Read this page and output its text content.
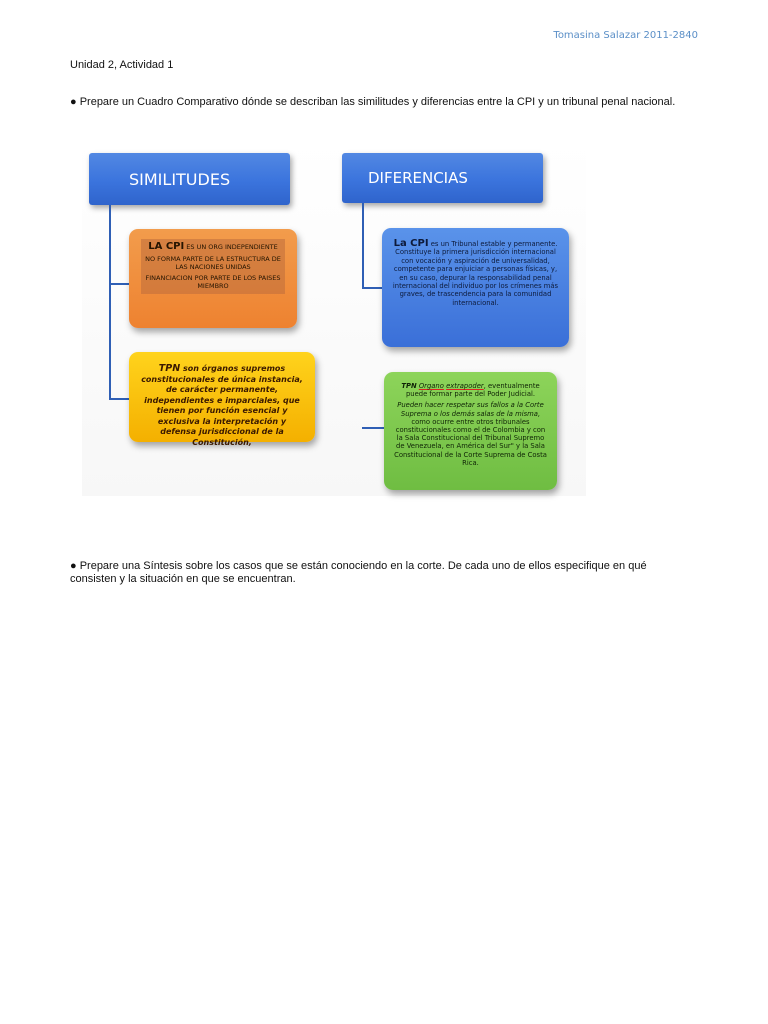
Tomasina Salazar 2011-2840
Unidad 2, Actividad 1
● Prepare un Cuadro Comparativo dónde se describan las similitudes y diferencias entre la CPI y un tribunal penal nacional.
SIMILITUDES	DIFERENCIAS
LA CPI ES UN ORG INDEPENDIENTE
NO FORMA PARTE DE LA ESTRUCTURA DE LAS NACIONES UNIDAS
FINANCIACION POR PARTE DE LOS PAISES MIEMBRO
TPN son órganos supremos constitucionales de única instancia, de carácter permanente, independientes e imparciales, que tienen por función esencial y exclusiva la interpretación y defensa jurisdiccional de la Constitución,
La CPI es un Tribunal estable y permanente. Constituye la primera jurisdicción internacional con vocación y aspiración de universalidad, competente para enjuiciar a personas físicas, y, en su caso, depurar la responsabilidad penal internacional del individuo por los crímenes más graves, de trascendencia para la comunidad internacional.
TPN Organo extrapoder, eventualmente puede formar parte del Poder Judicial.
Pueden hacer respetar sus fallos a la Corte Suprema o los demás salas de la misma,
como ocurre entre otros tribunales constitucionales como el de Colombia y con la Sala Constitucional del Tribunal Supremo de Venezuela, en América del Sur" y la Sala Constitucional de la Corte Suprema de Costa Rica.
● Prepare una Síntesis sobre los casos que se están conociendo en la corte. De cada uno de ellos especifique en qué consisten y la situación en que se encuentran.
